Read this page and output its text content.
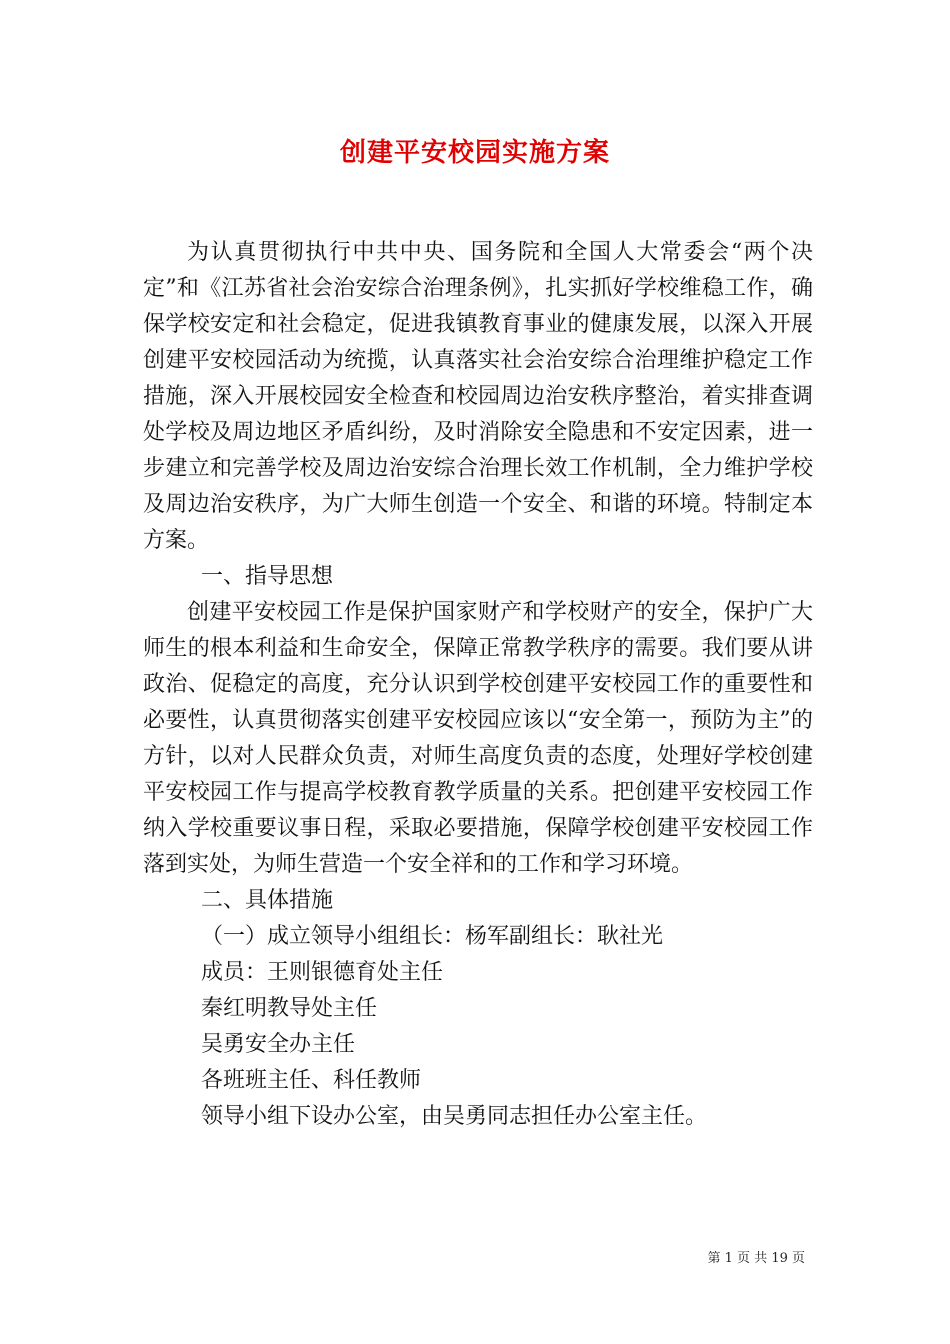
创建平安校园实施方案

为认真贯彻执行中共中央、国务院和全国人大常委会“两个决定”和《江苏省社会治安综合治理条例》，扎实抓好学校维稳工作，确保学校安定和社会稳定，促进我镇教育事业的健康发展，以深入开展创建平安校园活动为统揽，认真落实社会治安综合治理维护稳定工作措施，深入开展校园安全检查和校园周边治安秩序整治，着实排查调处学校及周边地区矛盾纠纷，及时消除安全隐患和不安定因素，进一步建立和完善学校及周边治安综合治理长效工作机制，全力维护学校及周边治安秩序，为广大师生创造一个安全、和谐的环境。特制定本方案。

一、指导思想

创建平安校园工作是保护国家财产和学校财产的安全，保护广大师生的根本利益和生命安全，保障正常教学秩序的需要。我们要从讲政治、促稳定的高度，充分认识到学校创建平安校园工作的重要性和必要性，认真贯彻落实创建平安校园应该以“安全第一，预防为主”的方针，以对人民群众负责，对师生高度负责的态度，处理好学校创建平安校园工作与提高学校教育教学质量的关系。把创建平安校园工作纳入学校重要议事日程，采取必要措施，保障学校创建平安校园工作落到实处，为师生营造一个安全祥和的工作和学习环境。

二、具体措施

（一）成立领导小组组长：杨军副组长：耿社光

成员：王则银德育处主任

秦红明教导处主任

吴勇安全办主任

各班班主任、科任教师

领导小组下设办公室，由吴勇同志担任办公室主任。

第 1 页 共 19 页
